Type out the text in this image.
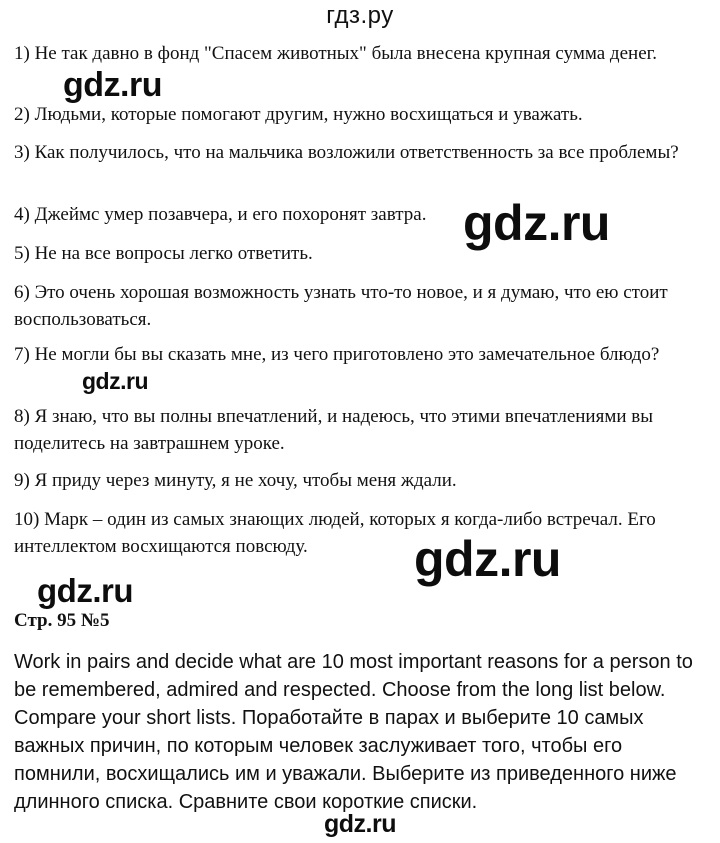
гдз.ру
1) Не так давно в фонд "Спасем животных" была внесена крупная сумма денег.
2) Людьми, которые помогают другим, нужно восхищаться и уважать.
3) Как получилось, что на мальчика возложили ответственность за все проблемы?
4) Джеймс умер позавчера, и его похоронят завтра.
5) Не на все вопросы легко ответить.
6) Это очень хорошая возможность узнать что-то новое, и я думаю, что ею стоит воспользоваться.
7) Не могли бы вы сказать мне, из чего приготовлено это замечательное блюдо?
8) Я знаю, что вы полны впечатлений, и надеюсь, что этими впечатлениями вы поделитесь на завтрашнем уроке.
9) Я приду через минуту, я не хочу, чтобы меня ждали.
10) Марк – один из самых знающих людей, которых я когда-либо встречал. Его интеллектом восхищаются повсюду.
Стр. 95 №5
Work in pairs and decide what are 10 most important reasons for a person to be remembered, admired and respected. Choose from the long list below. Compare your short lists. Поработайте в парах и выберите 10 самых важных причин, по которым человек заслуживает того, чтобы его помнили, восхищались им и уважали. Выберите из приведенного ниже длинного списка. Сравните свои короткие списки.
gdz.ru
gdz.ru
gdz.ru
gdz.ru
gdz.ru
gdz.ru
